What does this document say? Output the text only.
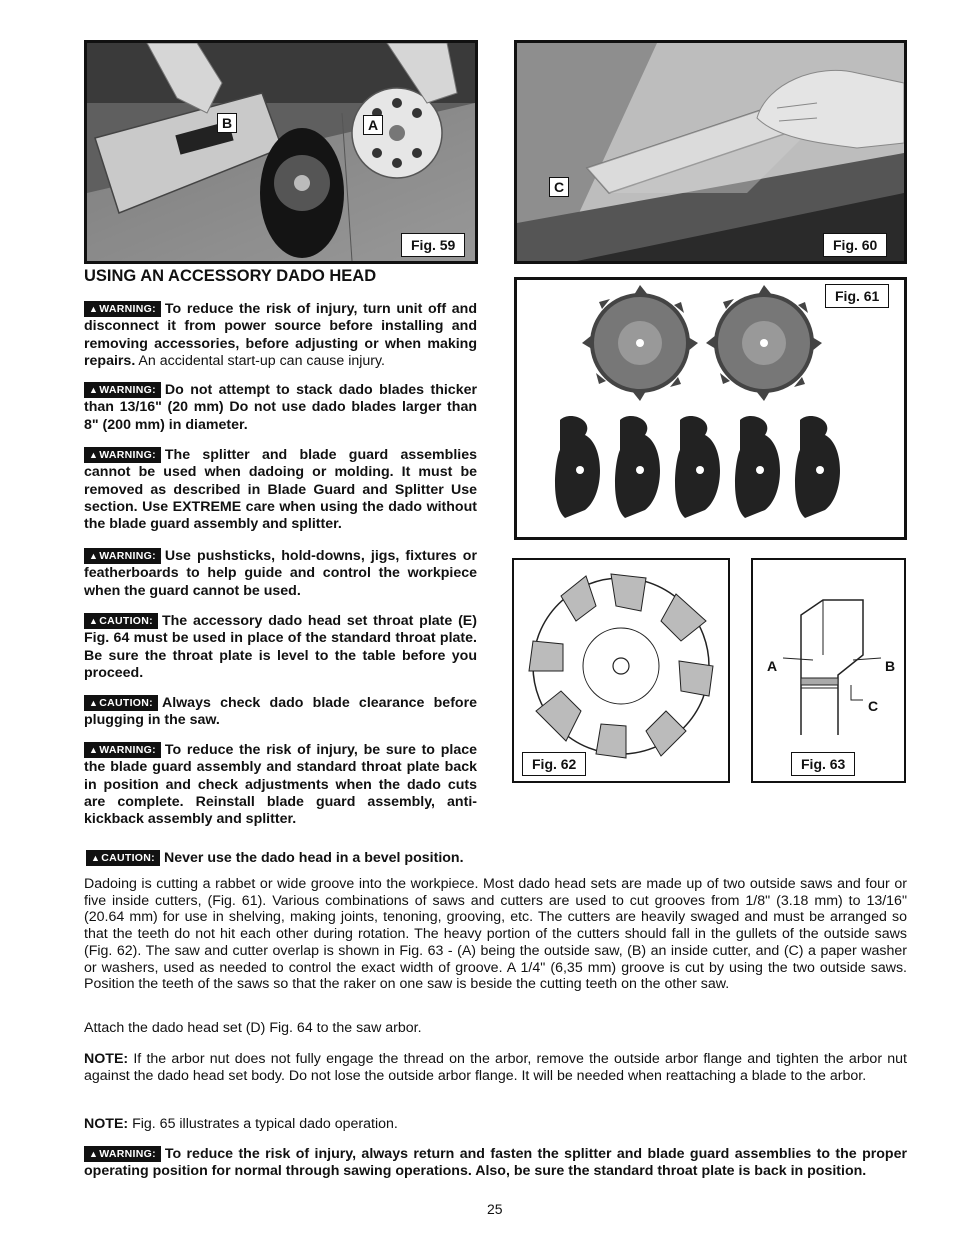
B	A
Fig. 59
C
Fig. 60
Fig. 61
Fig. 62
A	B
C
Fig. 63
USING AN ACCESSORY DADO HEAD
▲WARNING: To reduce the risk of injury, turn unit off and disconnect it from power source before installing and removing accessories, before adjusting or when making repairs. An accidental start-up can cause injury.
▲WARNING: Do not attempt to stack dado blades thicker than 13/16" (20 mm) Do not use dado blades larger than 8" (200 mm) in diameter.
▲WARNING: The splitter and blade guard assemblies cannot be used when dadoing or molding. It must be removed as described in Blade Guard and Splitter Use section. Use EXTREME care when using the dado without the blade guard assembly and splitter.
▲WARNING: Use pushsticks, hold-downs, jigs, fixtures or featherboards to help guide and control the workpiece when the guard cannot be used.
▲CAUTION: The accessory dado head set throat plate (E) Fig. 64 must be used in place of the standard throat plate. Be sure the throat plate is level to the table before you proceed.
▲CAUTION: Always check dado blade clearance before plugging in the saw.
▲WARNING: To reduce the risk of injury, be sure to place the blade guard assembly and standard throat plate back in position and check adjustments when the dado cuts are complete. Reinstall blade guard assembly, anti-kickback assembly and splitter.
▲CAUTION: Never use the dado head in a bevel position.
Dadoing is cutting a rabbet or wide groove into the workpiece. Most dado head sets are made up of two outside saws and four or five inside cutters, (Fig. 61). Various combinations of saws and cutters are used to cut grooves from 1/8" (3.18 mm) to 13/16" (20.64 mm) for use in shelving, making joints, tenoning, grooving, etc. The cutters are heavily swaged and must be arranged so that the teeth do not hit each other during rotation. The heavy portion of the cutters should fall in the gullets of the outside saws (Fig. 62). The saw and cutter overlap is shown in Fig. 63 - (A) being the outside saw, (B) an inside cutter, and (C) a paper washer or washers, used as needed to control the exact width of groove. A 1/4" (6,35 mm) groove is cut by using the two outside saws. Position the teeth of the saws so that the raker on one saw is beside the cutting teeth on the other saw.
Attach the dado head set (D) Fig. 64 to the saw arbor.
NOTE: If the arbor nut does not fully engage the thread on the arbor, remove the outside arbor flange and tighten the arbor nut against the dado head set body. Do not lose the outside arbor flange. It will be needed when reattaching a blade to the arbor.
NOTE: Fig. 65 illustrates a typical dado operation.
▲WARNING: To reduce the risk of injury, always return and fasten the splitter and blade guard assemblies to the proper operating position for normal through sawing operations. Also, be sure the standard throat plate is back in position.
25
